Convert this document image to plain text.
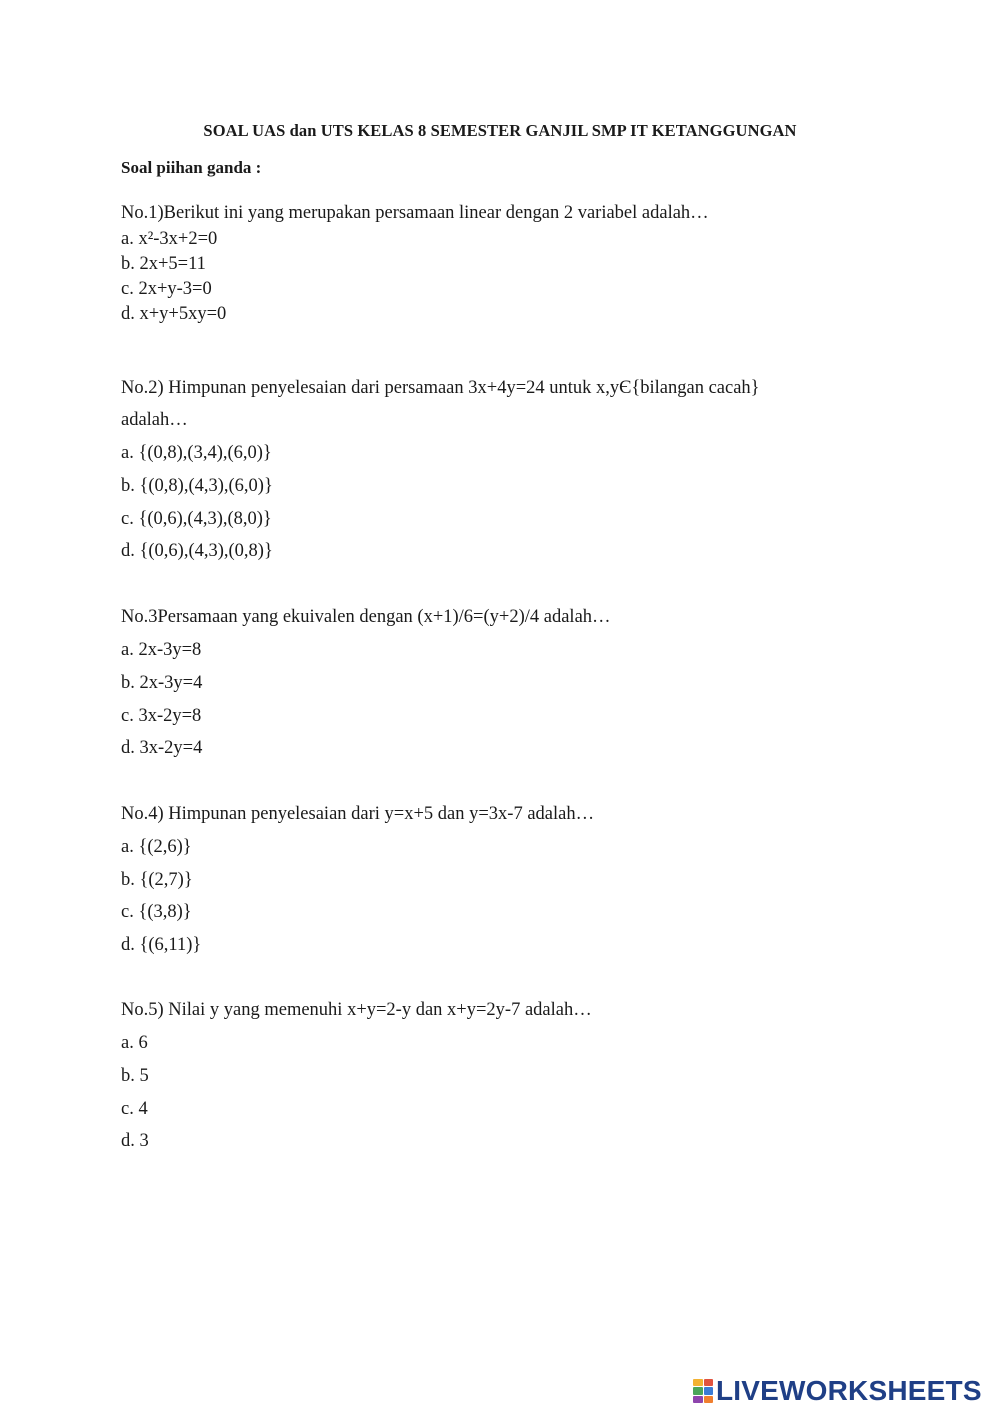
SOAL UAS dan UTS KELAS 8 SEMESTER GANJIL SMP IT KETANGGUNGAN
Soal piihan ganda :
No.1)Berikut ini yang merupakan persamaan linear dengan 2 variabel adalah…
a. x²-3x+2=0
b. 2x+5=11
c. 2x+y-3=0
d. x+y+5xy=0
No.2) Himpunan penyelesaian dari persamaan 3x+4y=24 untuk x,yЄ{bilangan cacah}
adalah…
a. {(0,8),(3,4),(6,0)}
b. {(0,8),(4,3),(6,0)}
c. {(0,6),(4,3),(8,0)}
d. {(0,6),(4,3),(0,8)}
No.3Persamaan yang ekuivalen dengan (x+1)/6=(y+2)/4 adalah…
a. 2x-3y=8
b. 2x-3y=4
c. 3x-2y=8
d. 3x-2y=4
No.4) Himpunan penyelesaian dari y=x+5 dan y=3x-7 adalah…
a. {(2,6)}
b. {(2,7)}
c. {(3,8)}
d. {(6,11)}
No.5) Nilai y yang memenuhi x+y=2-y dan x+y=2y-7 adalah…
a. 6
b. 5
c. 4
d. 3
LIVEWORKSHEETS
